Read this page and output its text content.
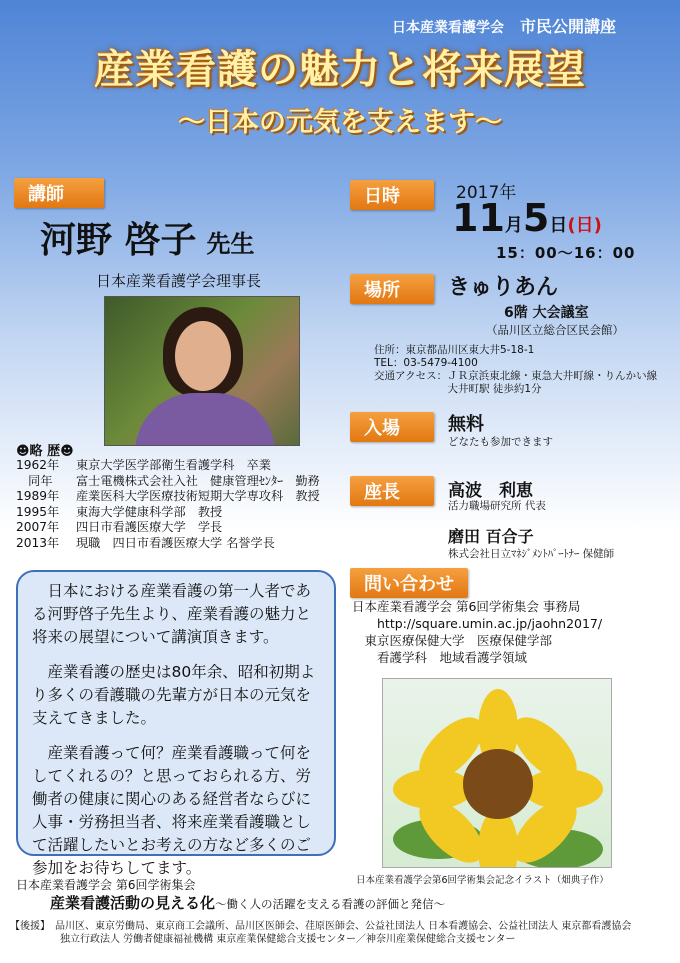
日本産業看護学会 市民公開講座
産業看護の魅力と将来展望
〜日本の元気を支えます〜
講師
河野 啓子 先生
日本産業看護学会理事長
☻略 歴☻
1962年	東京大学医学部衛生看護学科　卒業
　同年	富士電機株式会社入社　健康管理ｾﾝﾀｰ　勤務
1989年	産業医科大学医療技術短期大学専攻科　教授
1995年	東海大学健康科学部　教授
2007年	四日市看護医療大学　学長
2013年	現職　四日市看護医療大学 名誉学長

日本における産業看護の第一人者である河野啓子先生より、産業看護の魅力と将来の展望について講演頂きます。

産業看護の歴史は80年余、昭和初期より多くの看護職の先輩方が日本の元気を支えてきました。

産業看護って何？産業看護職って何をしてくれるの？と思っておられる方、労働者の健康に関心のある経営者ならびに人事・労務担当者、将来産業看護職として活躍したいとお考えの方など多くのご参加をお待ちしてます。

日時	2017年
11月5日(日)
15：00〜16：00
場所	きゅりあん
6階 大会議室
（品川区立総合区民会館）
住所：東京都品川区東大井5-18-1
TEL：03-5479-4100
交通アクセス：ＪＲ京浜東北線・東急大井町線・りんかい線
　　　　　　　大井町駅 徒歩約1分
入場	無料
どなたも参加できます
座長	高波　利恵
活力職場研究所 代表
磨田 百合子
株式会社日立ﾏﾈｼﾞﾒﾝﾄﾊﾟｰﾄﾅｰ 保健師
問い合わせ
日本産業看護学会 第6回学術集会 事務局
　　http://square.umin.ac.jp/jaohn2017/
　東京医療保健大学　医療保健学部
　　看護学科　地域看護学領域
日本産業看護学会第6回学術集会記念イラスト（畑典子作）
日本産業看護学会 第6回学術集会
産業看護活動の見える化〜働く人の活躍を支える看護の評価と発信〜
【後援】　品川区、東京労働局、東京商工会議所、品川区医師会、荏原医師会、公益社団法人 日本看護協会、公益社団法人 東京都看護協会
　　　　　独立行政法人 労働者健康福祉機構 東京産業保健総合支援センター／神奈川産業保健総合支援センター
